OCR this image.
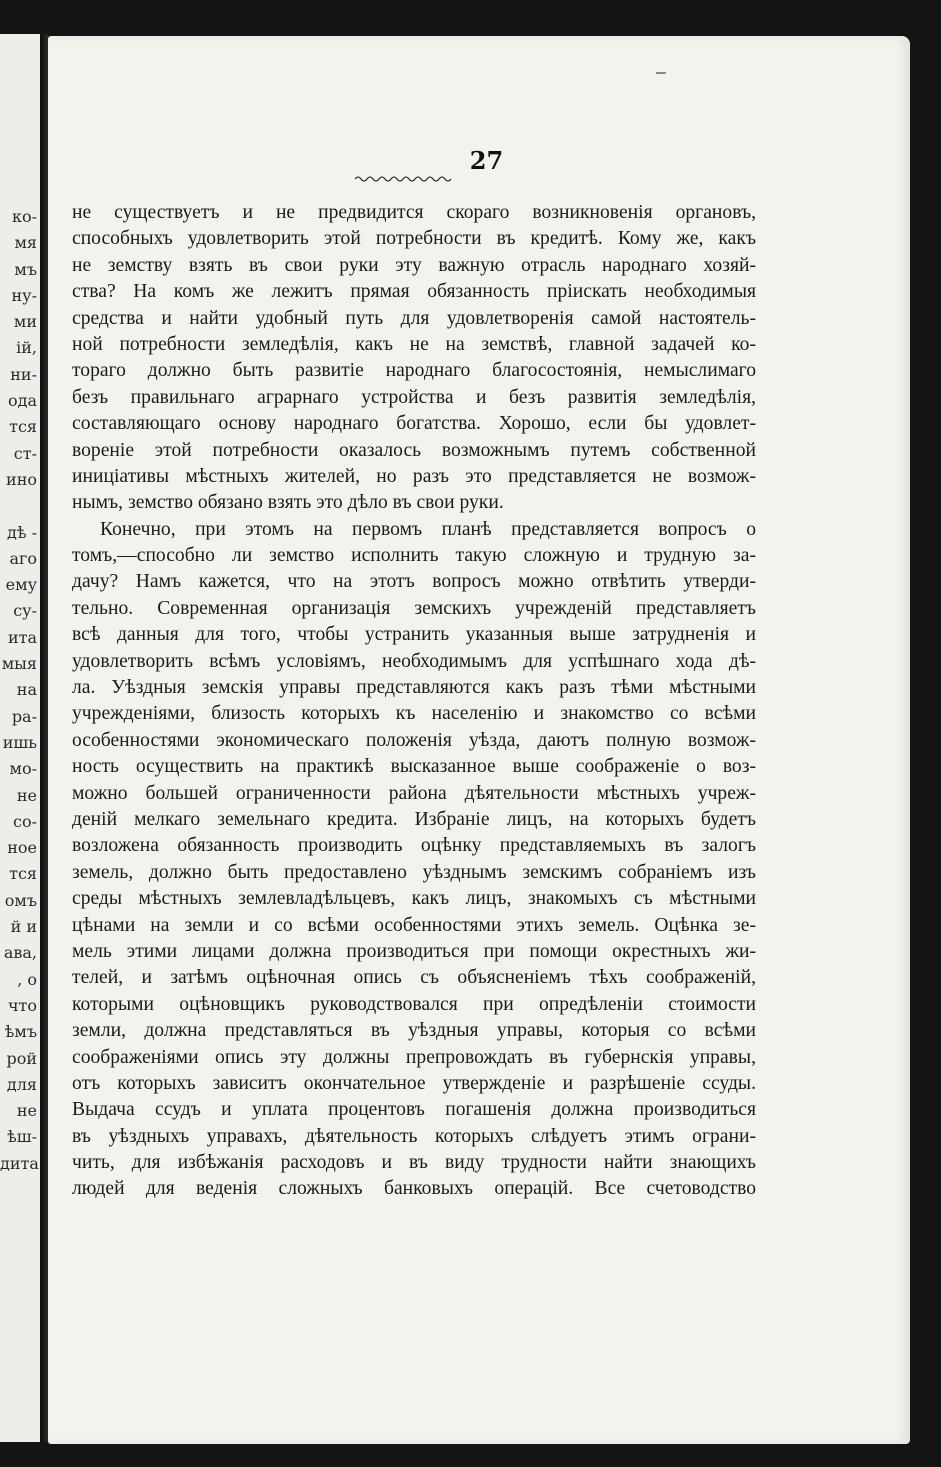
ко-
мя
мъ
ну-
ми
ій,
ни-
ода
тся
ст-
ино

дѣ -
аго
ему
су-
ита
мыя
на
ра-
ишь
мо-
не
со-
ное
тся
омъ
й и
ава,
, о
что
ѣмъ
рой
для
не
ѣш-
дита
27
не существуетъ и не предвидится скораго возникновенія органовъ,
способныхъ удовлетворить этой потребности въ кредитѣ. Кому же, какъ
не земству взять въ свои руки эту важную отрасль народнаго хозяй-
ства? На комъ же лежитъ прямая обязанность пріискать необходимыя
средства и найти удобный путь для удовлетворенія самой настоятель-
ной потребности земледѣлія, какъ не на земствѣ, главной задачей ко-
тораго должно быть развитіе народнаго благосостоянія, немыслимаго
безъ правильнаго аграрнаго устройства и безъ развитія земледѣлія,
составляющаго основу народнаго богатства. Хорошо, если бы удовлет-
вореніе этой потребности оказалось возможнымъ путемъ собственной
иниціативы мѣстныхъ жителей, но разъ это представляется не возмож-
нымъ, земство обязано взять это дѣло въ свои руки.
Конечно, при этомъ на первомъ планѣ представляется вопросъ о
томъ,—способно ли земство исполнить такую сложную и трудную за-
дачу? Намъ кажется, что на этотъ вопросъ можно отвѣтить утверди-
тельно. Современная организація земскихъ учрежденій представляетъ
всѣ данныя для того, чтобы устранить указанныя выше затрудненія и
удовлетворить всѣмъ условіямъ, необходимымъ для успѣшнаго хода дѣ-
ла. Уѣздныя земскія управы представляются какъ разъ тѣми мѣстными
учрежденіями, близость которыхъ къ населенію и знакомство со всѣми
особенностями экономическаго положенія уѣзда, даютъ полную возмож-
ность осуществить на практикѣ высказанное выше соображеніе о воз-
можно большей ограниченности района дѣятельности мѣстныхъ учреж-
деній мелкаго земельнаго кредита. Избраніе лицъ, на которыхъ будетъ
возложена обязанность производить оцѣнку представляемыхъ въ залогъ
земель, должно быть предоставлено уѣзднымъ земскимъ собраніемъ изъ
среды мѣстныхъ землевладѣльцевъ, какъ лицъ, знакомыхъ съ мѣстными
цѣнами на земли и со всѣми особенностями этихъ земель. Оцѣнка зе-
мель этими лицами должна производиться при помощи окрестныхъ жи-
телей, и затѣмъ оцѣночная опись съ объясненіемъ тѣхъ соображеній,
которыми оцѣновщикъ руководствовался при опредѣленіи стоимости
земли, должна представляться въ уѣздныя управы, которыя со всѣми
соображеніями опись эту должны препровождать въ губернскія управы,
отъ которыхъ зависитъ окончательное утвержденіе и разрѣшеніе ссуды.
Выдача ссудъ и уплата процентовъ погашенія должна производиться
въ уѣздныхъ управахъ, дѣятельность которыхъ слѣдуетъ этимъ ограни-
чить, для избѣжанія расходовъ и въ виду трудности найти знающихъ
людей для веденія сложныхъ банковыхъ операцій. Все счетоводство
